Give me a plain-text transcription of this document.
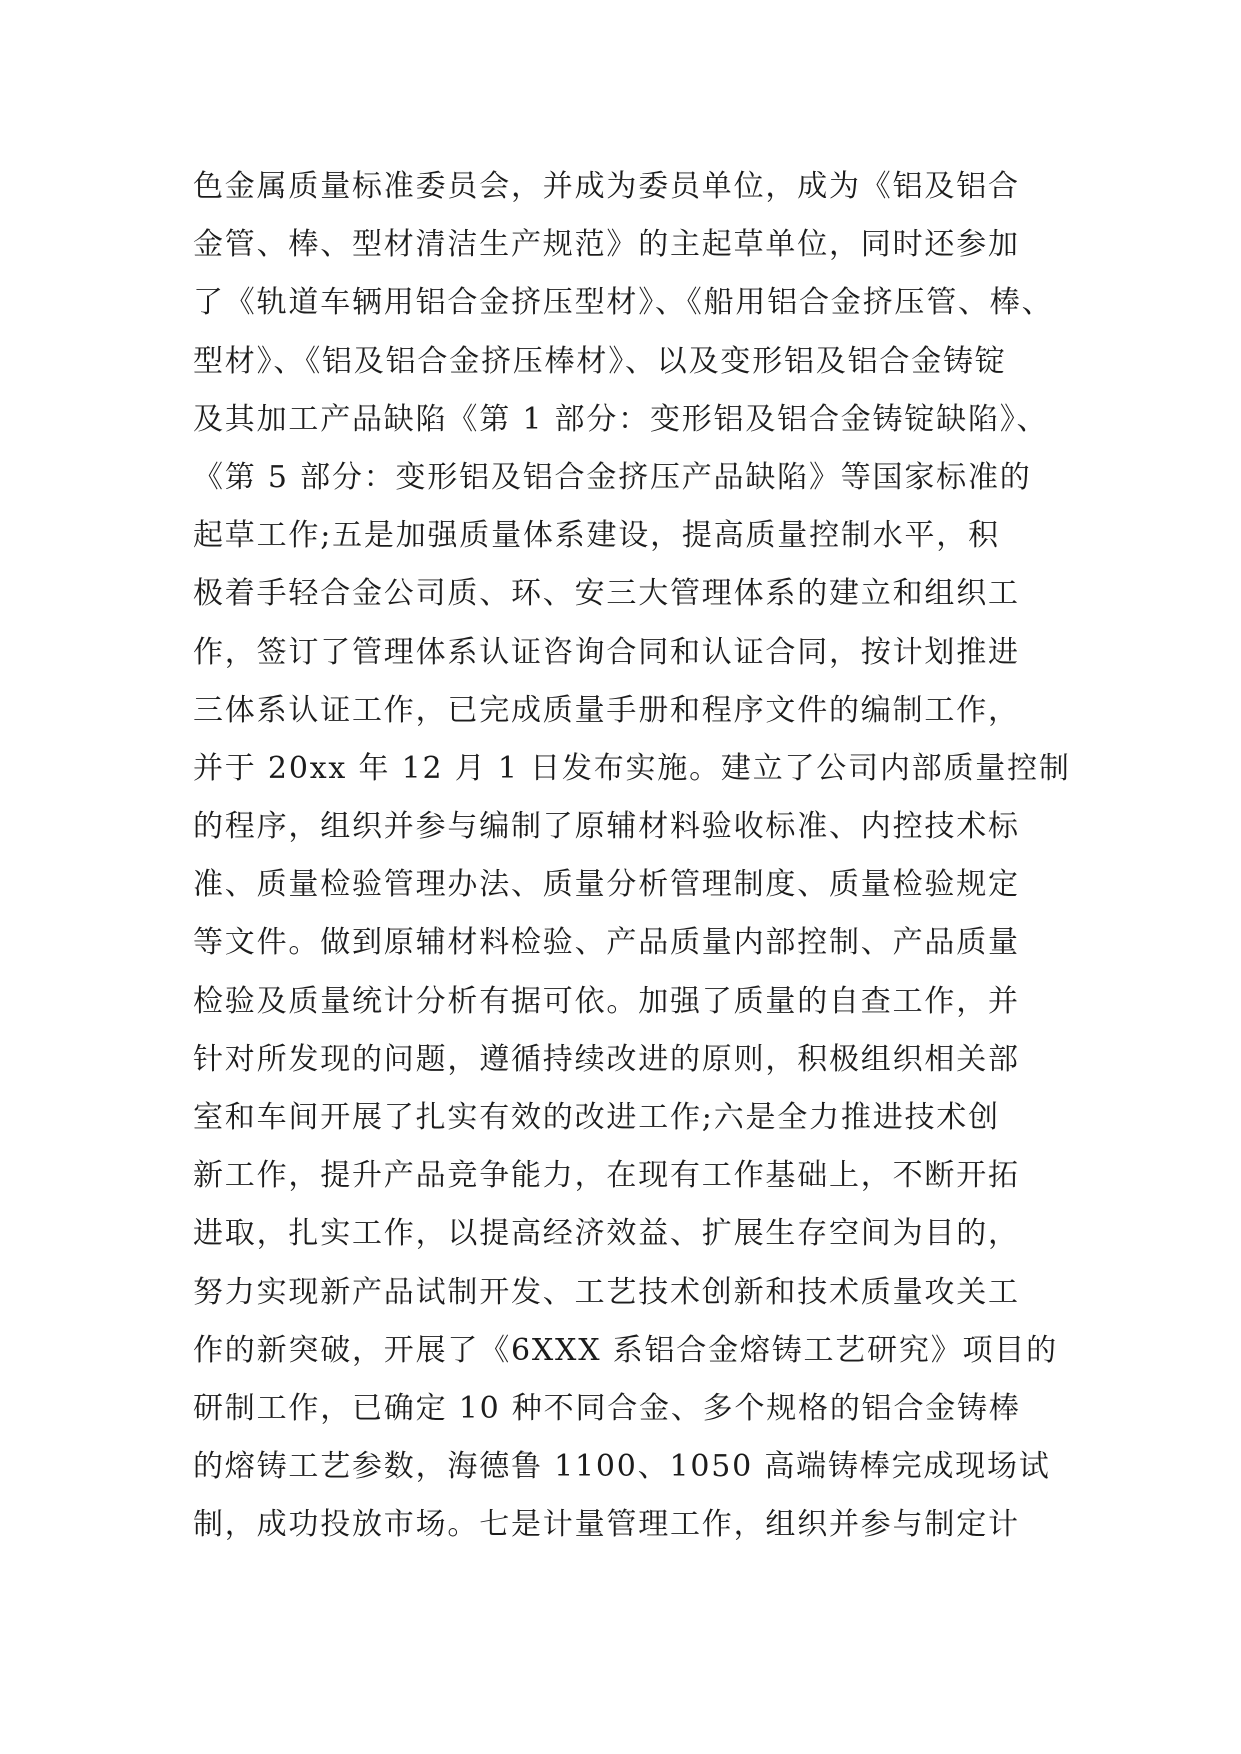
色金属质量标准委员会，并成为委员单位，成为《铝及铝合
金管、棒、型材清洁生产规范》的主起草单位，同时还参加
了《轨道车辆用铝合金挤压型材》、《船用铝合金挤压管、棒、
型材》、《铝及铝合金挤压棒材》、以及变形铝及铝合金铸锭
及其加工产品缺陷《第 1 部分：变形铝及铝合金铸锭缺陷》、
《第 5 部分：变形铝及铝合金挤压产品缺陷》等国家标准的
起草工作;五是加强质量体系建设，提高质量控制水平，积
极着手轻合金公司质、环、安三大管理体系的建立和组织工
作，签订了管理体系认证咨询合同和认证合同，按计划推进
三体系认证工作，已完成质量手册和程序文件的编制工作，
并于 20xx 年 12 月 1 日发布实施。建立了公司内部质量控制
的程序，组织并参与编制了原辅材料验收标准、内控技术标
准、质量检验管理办法、质量分析管理制度、质量检验规定
等文件。做到原辅材料检验、产品质量内部控制、产品质量
检验及质量统计分析有据可依。加强了质量的自查工作，并
针对所发现的问题，遵循持续改进的原则，积极组织相关部
室和车间开展了扎实有效的改进工作;六是全力推进技术创
新工作，提升产品竞争能力，在现有工作基础上，不断开拓
进取，扎实工作，以提高经济效益、扩展生存空间为目的，
努力实现新产品试制开发、工艺技术创新和技术质量攻关工
作的新突破，开展了《6XXX 系铝合金熔铸工艺研究》项目的
研制工作，已确定 10 种不同合金、多个规格的铝合金铸棒
的熔铸工艺参数，海德鲁 1100、1050 高端铸棒完成现场试
制，成功投放市场。七是计量管理工作，组织并参与制定计
